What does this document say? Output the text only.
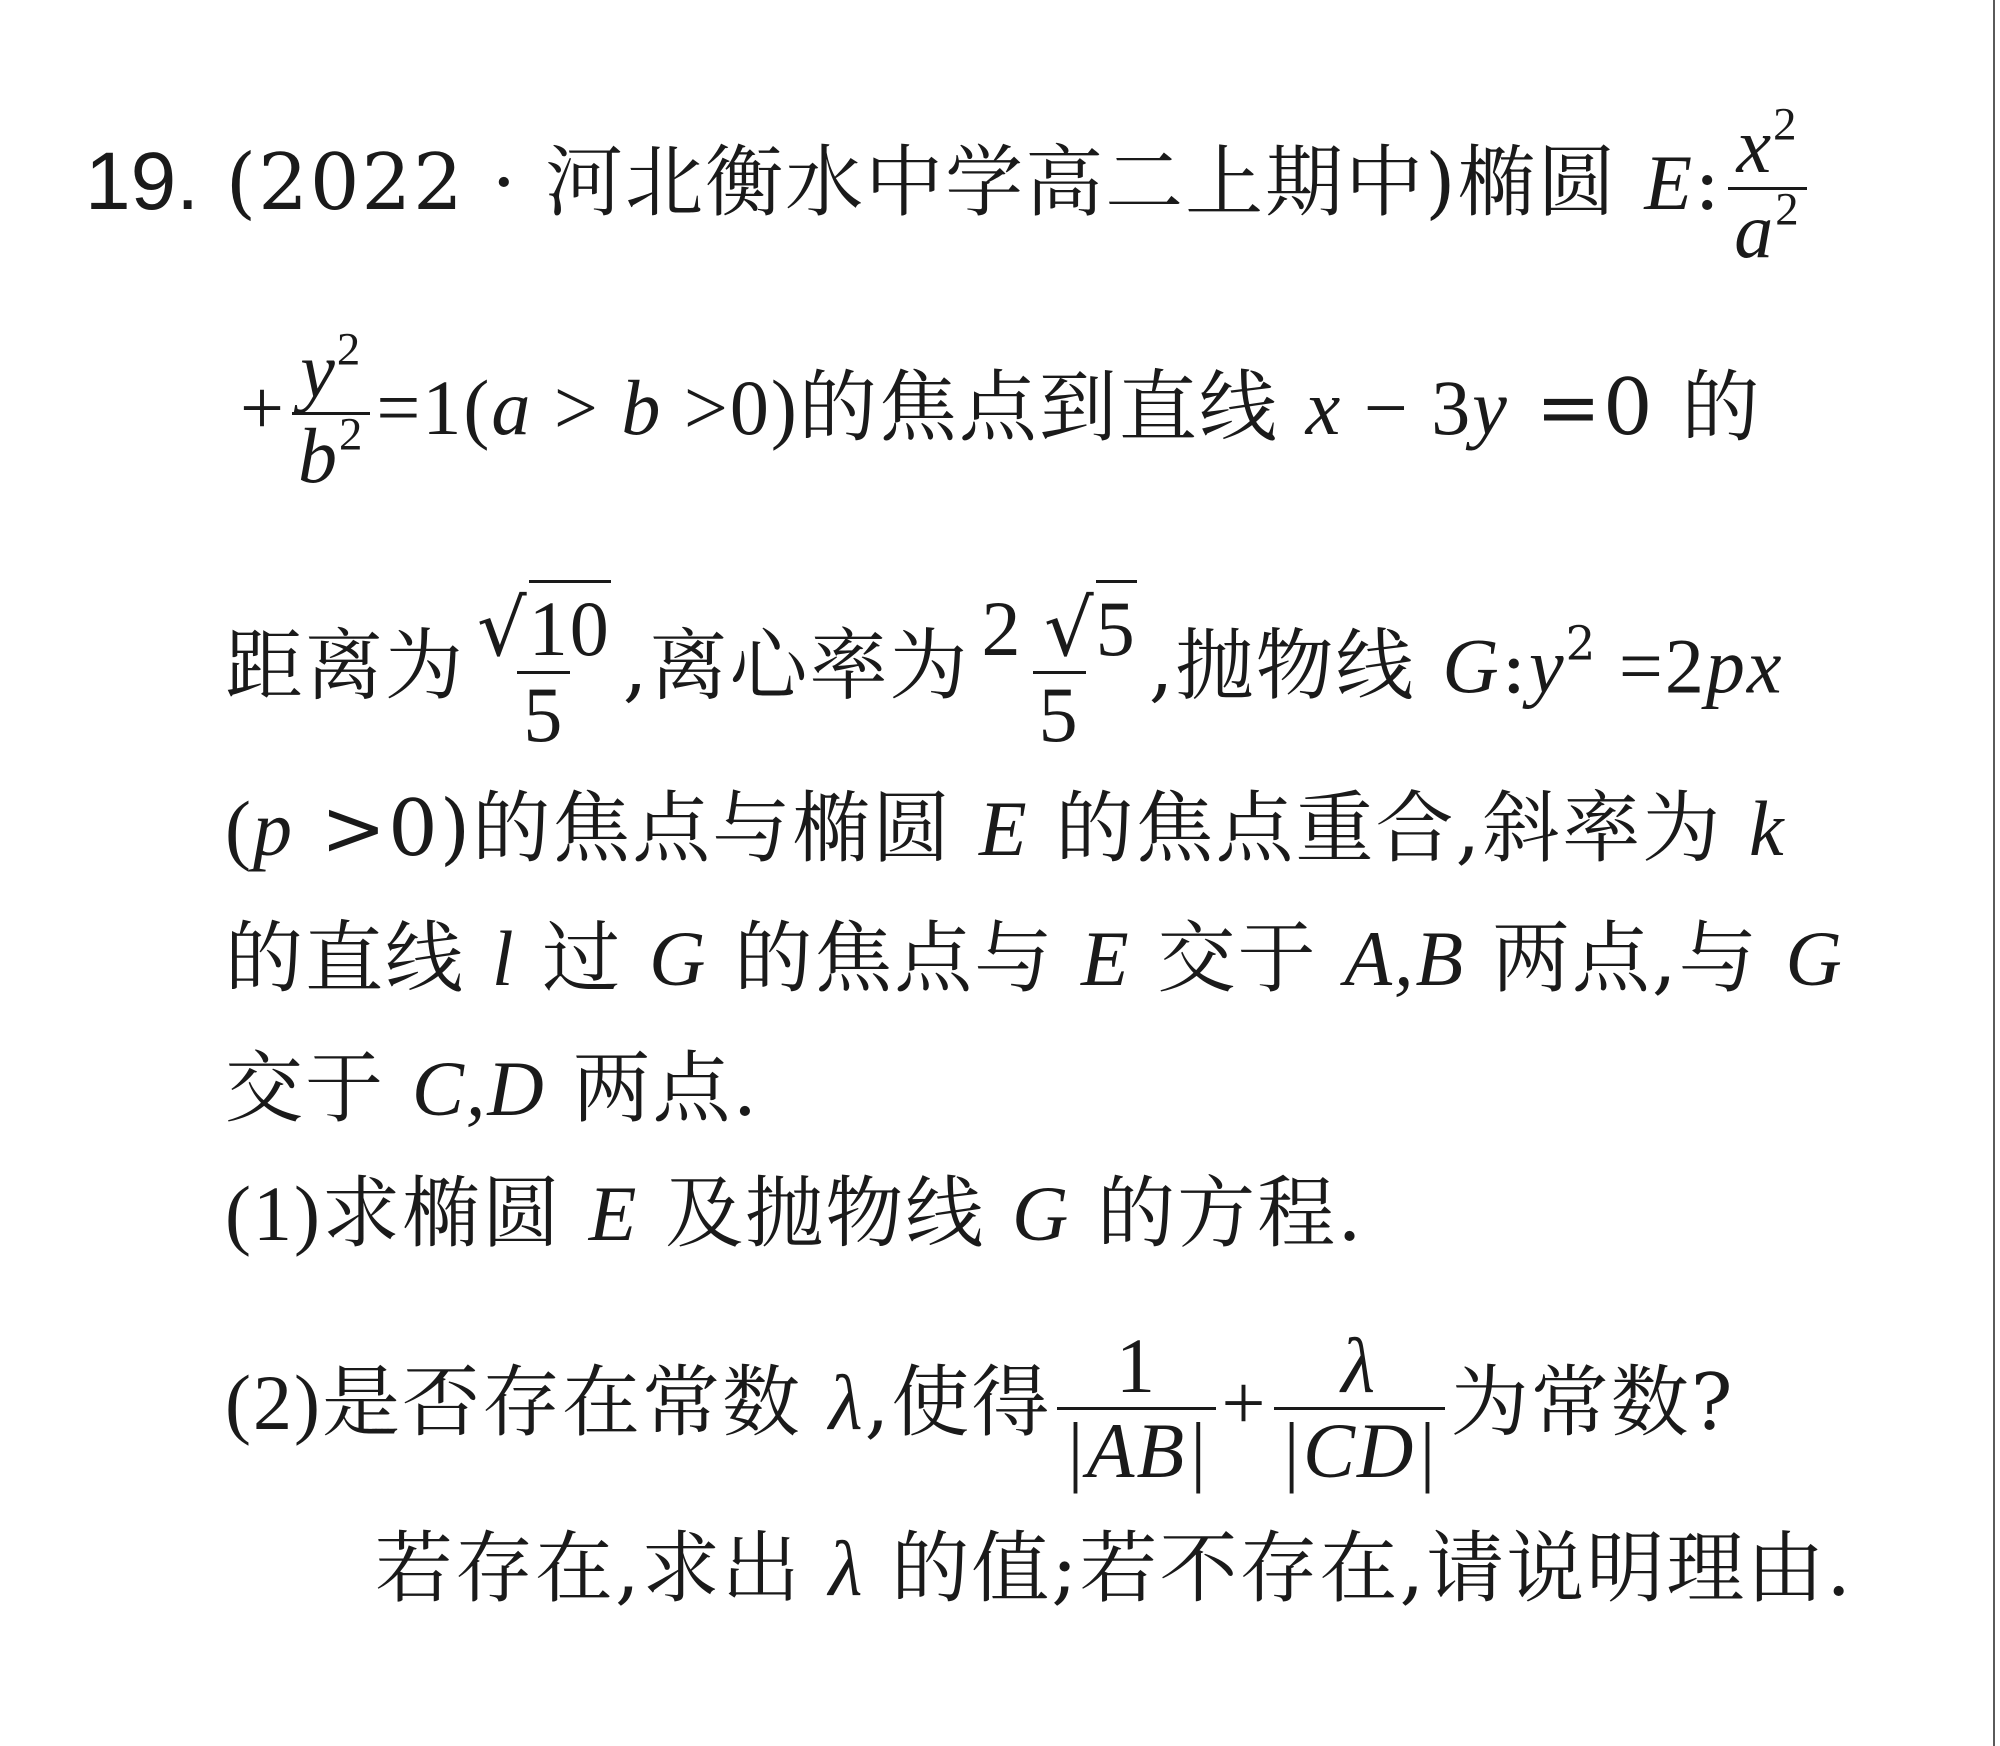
19. (2022 · 河北衡水中学高二上期中)椭圆 E: $\frac{x^2}{a^2}$
+ $\frac{y^2}{b^2} =1(a > b >0)$的焦点到直线 x − 3y =0 的
距离为 $\frac{√10}{5}$ ,离心率为 $\frac{2 √5}{5}$ ,抛物线 $G:y^2 =2px$
(p >0)的焦点与椭圆 E 的焦点重合,斜率为 k
的直线 l 过 G 的焦点与 E 交于 A,B 两点,与 G
交于 C,D 两点.
(1)求椭圆 E 及抛物线 G 的方程.
(2)是否存在常数 λ,使得 $\frac{1}{|AB|} + \frac{\lambda}{|CD|}$ 为常数?
若存在,求出 λ 的值;若不存在,请说明理由.
